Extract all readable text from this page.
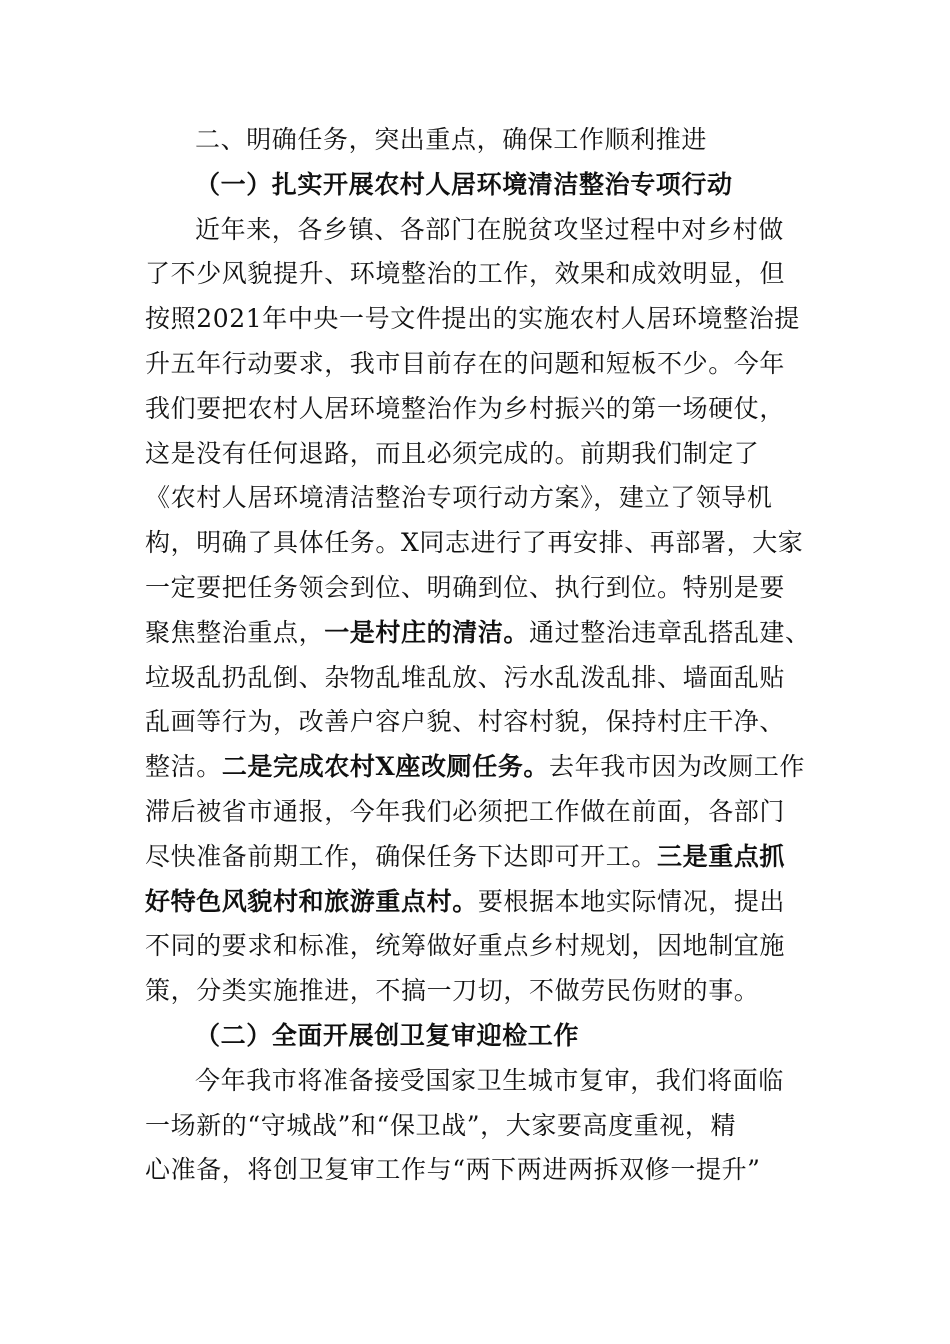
二、明确任务，突出重点，确保工作顺利推进
（一）扎实开展农村人居环境清洁整治专项行动
近年来，各乡镇、各部门在脱贫攻坚过程中对乡村做
了不少风貌提升、环境整治的工作，效果和成效明显，但
按照2021年中央一号文件提出的实施农村人居环境整治提
升五年行动要求，我市目前存在的问题和短板不少。今年
我们要把农村人居环境整治作为乡村振兴的第一场硬仗，
这是没有任何退路，而且必须完成的。前期我们制定了
《农村人居环境清洁整治专项行动方案》，建立了领导机
构，明确了具体任务。X同志进行了再安排、再部署，大家
一定要把任务领会到位、明确到位、执行到位。特别是要
聚焦整治重点，一是村庄的清洁。通过整治违章乱搭乱建、
垃圾乱扔乱倒、杂物乱堆乱放、污水乱泼乱排、墙面乱贴
乱画等行为，改善户容户貌、村容村貌，保持村庄干净、
整洁。二是完成农村X座改厕任务。去年我市因为改厕工作
滞后被省市通报，今年我们必须把工作做在前面，各部门
尽快准备前期工作，确保任务下达即可开工。三是重点抓
好特色风貌村和旅游重点村。要根据本地实际情况，提出
不同的要求和标准，统筹做好重点乡村规划，因地制宜施
策，分类实施推进，不搞一刀切，不做劳民伤财的事。
（二）全面开展创卫复审迎检工作
今年我市将准备接受国家卫生城市复审，我们将面临
一场新的“守城战”和“保卫战”，大家要高度重视，精
心准备，将创卫复审工作与“两下两进两拆双修一提升”
